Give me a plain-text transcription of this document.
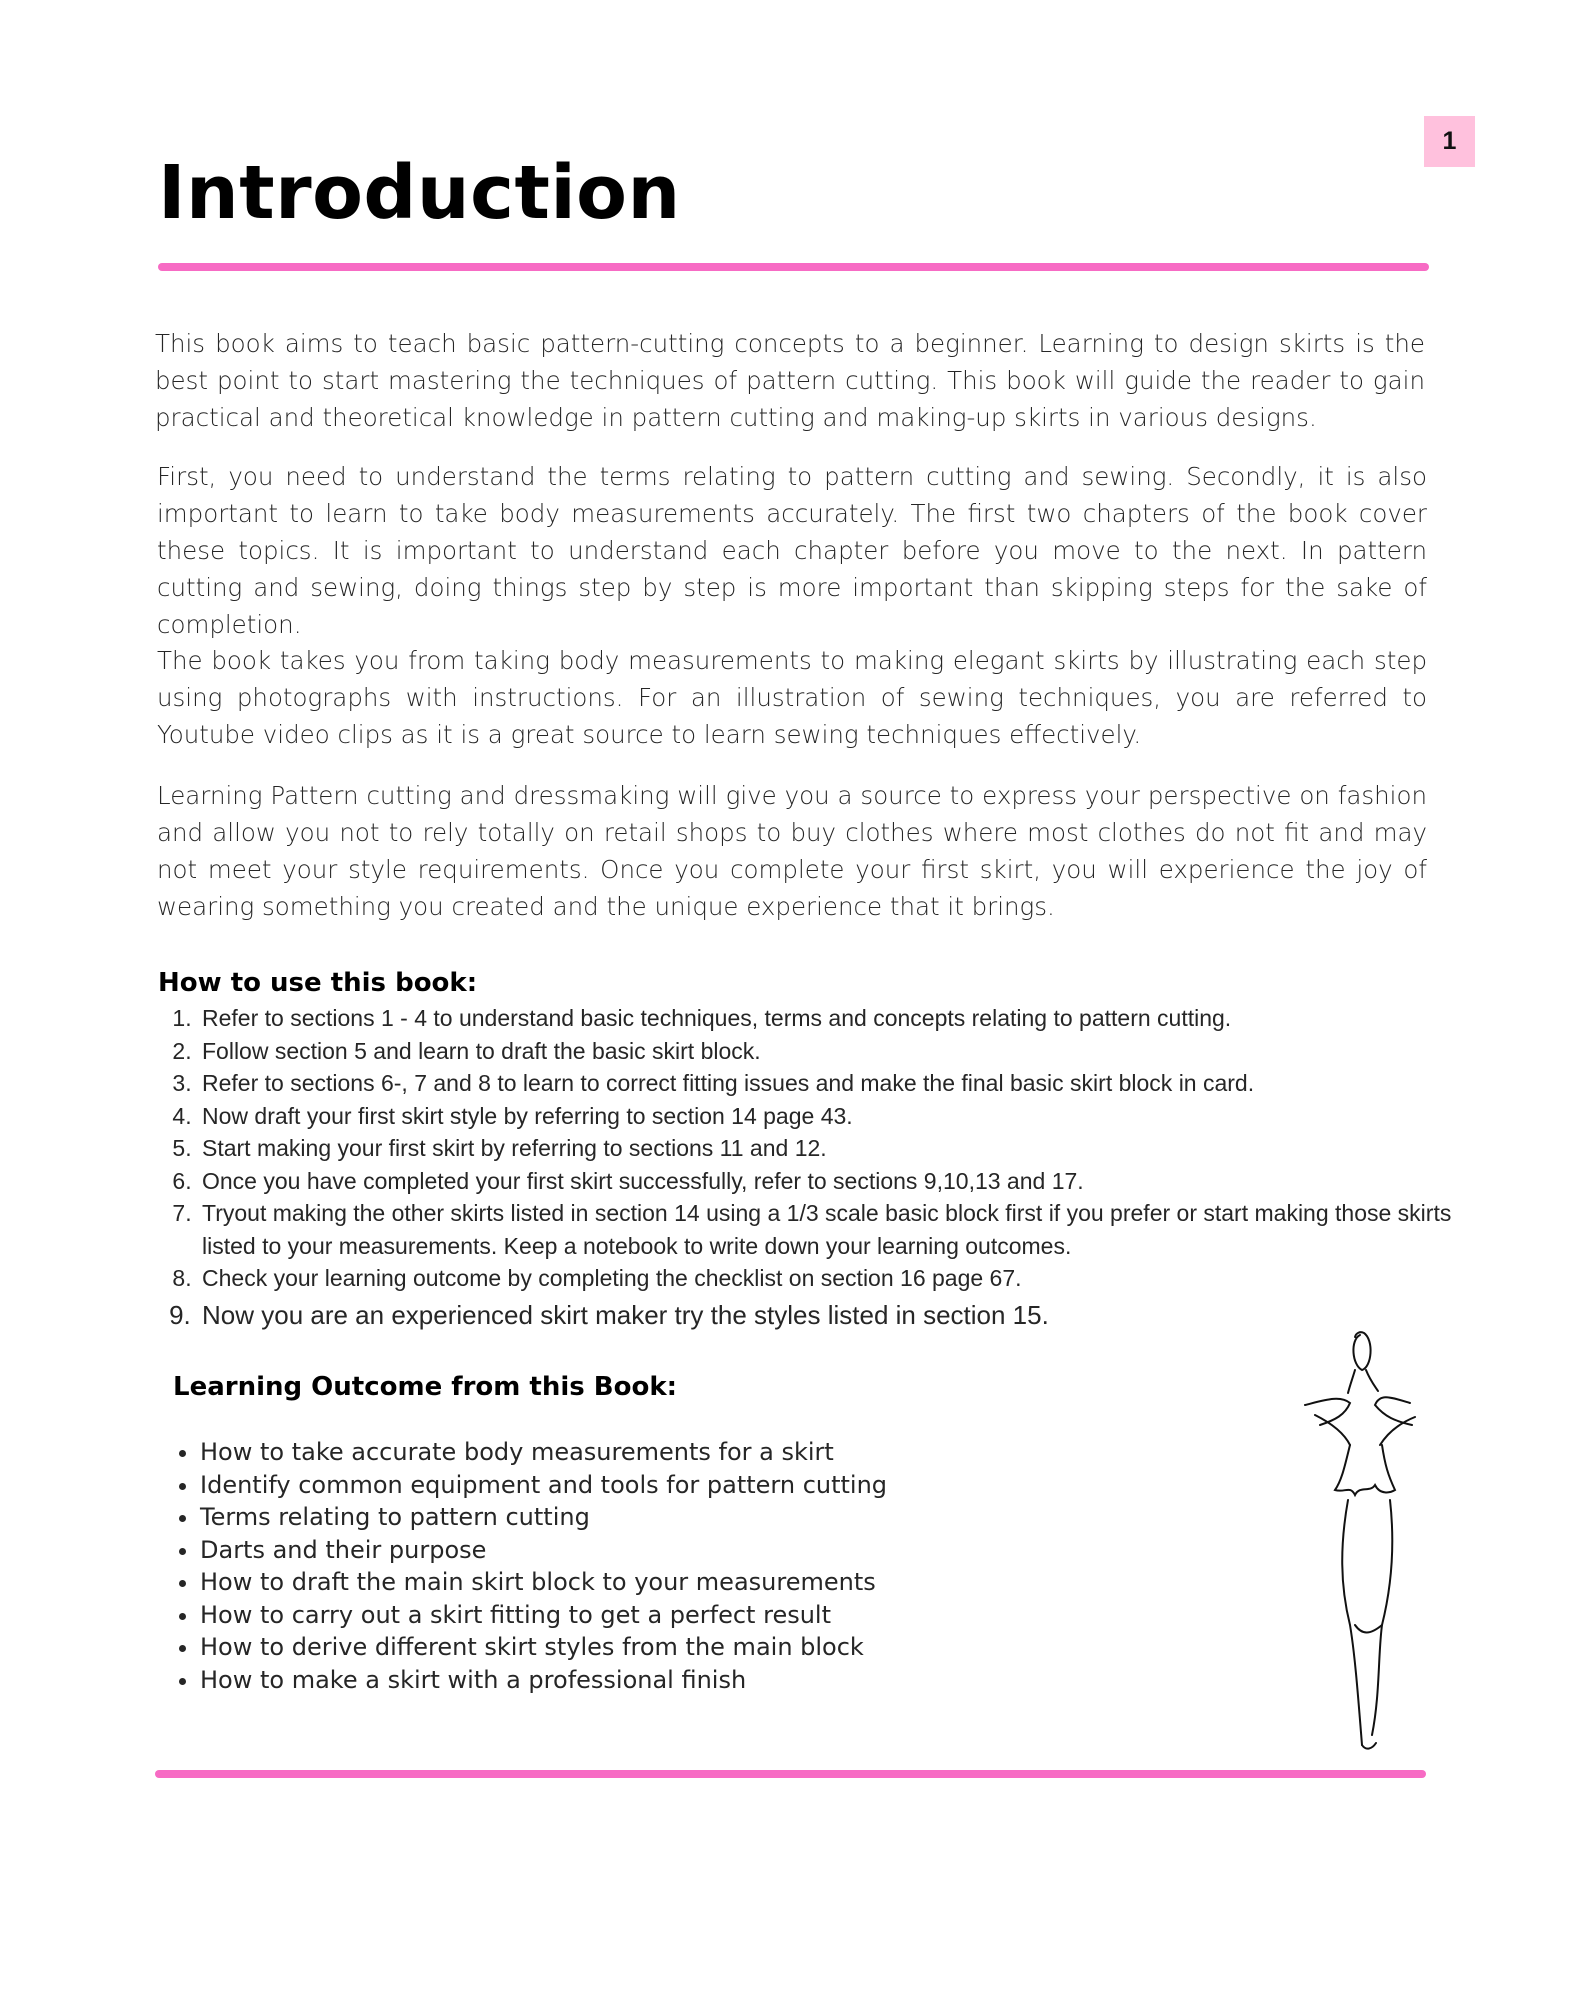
1
Introduction

This book aims to teach basic pattern-cutting concepts to a beginner. Learning to design skirts is the best point to start mastering the techniques of pattern cutting. This book will guide the reader to gain practical and theoretical knowledge in pattern cutting and making-up skirts in various designs.

First, you need to understand the terms relating to pattern cutting and sewing. Secondly, it is also important to learn to take body measurements accurately. The first two chapters of the book cover these topics. It is important to understand each chapter before you move to the next. In pattern cutting and sewing, doing things step by step is more important than skipping steps for the sake of completion.

The book takes you from taking body measurements to making elegant skirts by illustrating each step using photographs with instructions. For an illustration of sewing techniques, you are referred to Youtube video clips as it is a great source to learn sewing techniques effectively.

Learning Pattern cutting and dressmaking will give you a source to express your perspective on fashion and allow you not to rely totally on retail shops to buy clothes where most clothes do not fit and may not meet your style requirements. Once you complete your first skirt, you will experience the joy of wearing something you created and the unique experience that it brings.

How to use this book:
1. Refer to sections 1 - 4 to understand basic techniques, terms and concepts relating to pattern cutting.
2. Follow section 5 and learn to draft the basic skirt block.
3. Refer to sections 6-, 7 and 8 to learn to correct fitting issues and make the final basic skirt block in card.
4. Now draft your first skirt style by referring to section 14 page 43.
5. Start making your first skirt by referring to sections 11 and 12.
6. Once you have completed your first skirt successfully, refer to sections 9,10,13 and 17.
7. Tryout making the other skirts listed in section 14 using a 1/3 scale basic block first if you prefer or start making those skirts listed to your measurements. Keep a notebook to write down your learning outcomes.
8. Check your learning outcome by completing the checklist on section 16 page 67.
9. Now you are an experienced skirt maker try the styles listed in section 15.
Learning Outcome from this Book:
• How to take accurate body measurements for a skirt
• Identify common equipment and tools for pattern cutting
• Terms relating to pattern cutting
• Darts and their purpose
• How to draft the main skirt block to your measurements
• How to carry out a skirt fitting to get a perfect result
• How to derive different skirt styles from the main block
• How to make a skirt with a professional finish
